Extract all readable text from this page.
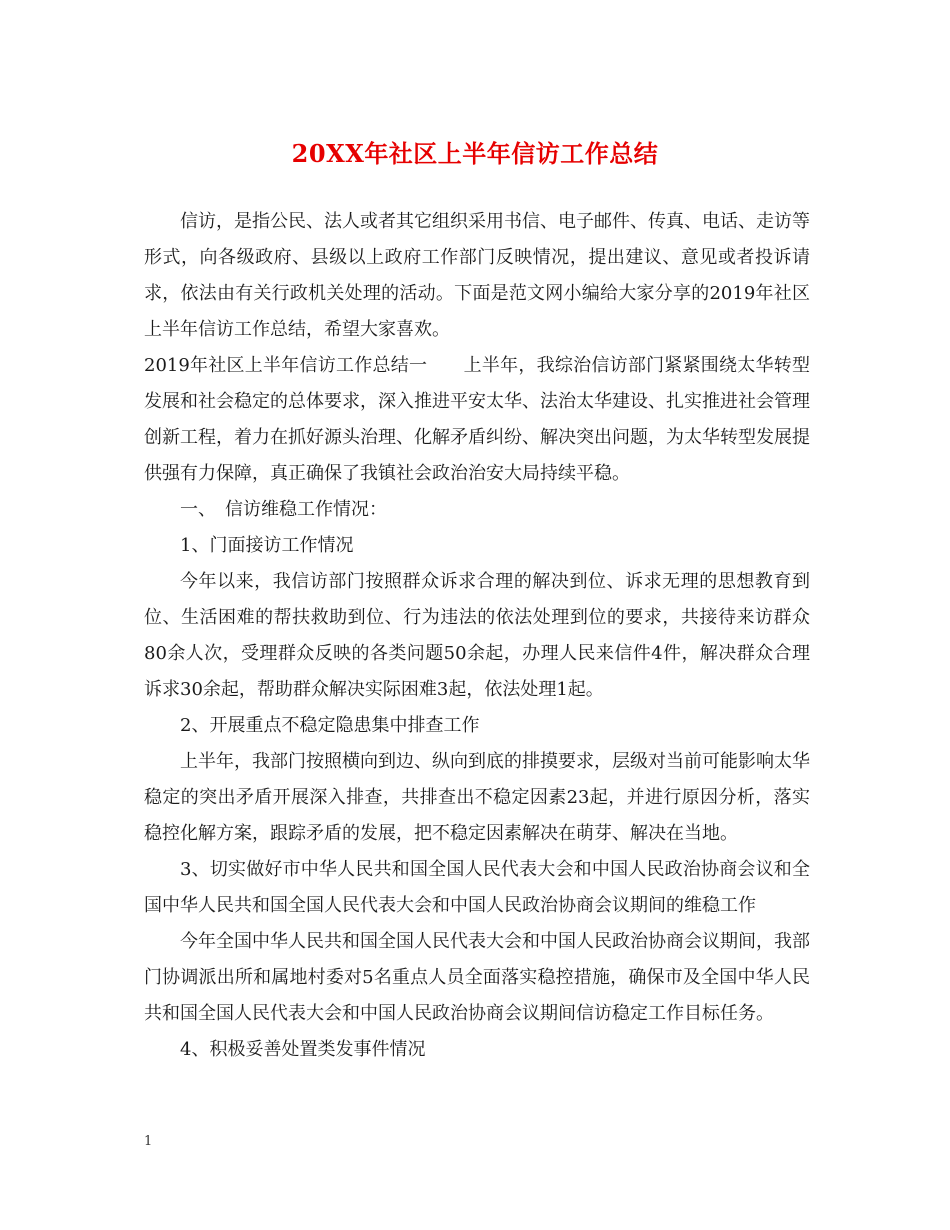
20XX年社区上半年信访工作总结

信访，是指公民、法人或者其它组织采用书信、电子邮件、传真、电话、走访等形式，向各级政府、县级以上政府工作部门反映情况，提出建议、意见或者投诉请求，依法由有关行政机关处理的活动。下面是范文网小编给大家分享的2019年社区上半年信访工作总结，希望大家喜欢。

2019年社区上半年信访工作总结一　　上半年，我综治信访部门紧紧围绕太华转型发展和社会稳定的总体要求，深入推进平安太华、法治太华建设、扎实推进社会管理创新工程，着力在抓好源头治理、化解矛盾纠纷、解决突出问题，为太华转型发展提供强有力保障，真正确保了我镇社会政治治安大局持续平稳。

一、　信访维稳工作情况：

1、门面接访工作情况

今年以来，我信访部门按照群众诉求合理的解决到位、诉求无理的思想教育到位、生活困难的帮扶救助到位、行为违法的依法处理到位的要求，共接待来访群众80余人次，受理群众反映的各类问题50余起，办理人民来信件4件，解决群众合理诉求30余起，帮助群众解决实际困难3起，依法处理1起。

2、开展重点不稳定隐患集中排查工作

上半年，我部门按照横向到边、纵向到底的排摸要求，层级对当前可能影响太华稳定的突出矛盾开展深入排查，共排查出不稳定因素23起，并进行原因分析，落实稳控化解方案，跟踪矛盾的发展，把不稳定因素解决在萌芽、解决在当地。

3、切实做好市中华人民共和国全国人民代表大会和中国人民政治协商会议和全国中华人民共和国全国人民代表大会和中国人民政治协商会议期间的维稳工作

今年全国中华人民共和国全国人民代表大会和中国人民政治协商会议期间，我部门协调派出所和属地村委对5名重点人员全面落实稳控措施，确保市及全国中华人民共和国全国人民代表大会和中国人民政治协商会议期间信访稳定工作目标任务。

4、积极妥善处置类发事件情况

1
